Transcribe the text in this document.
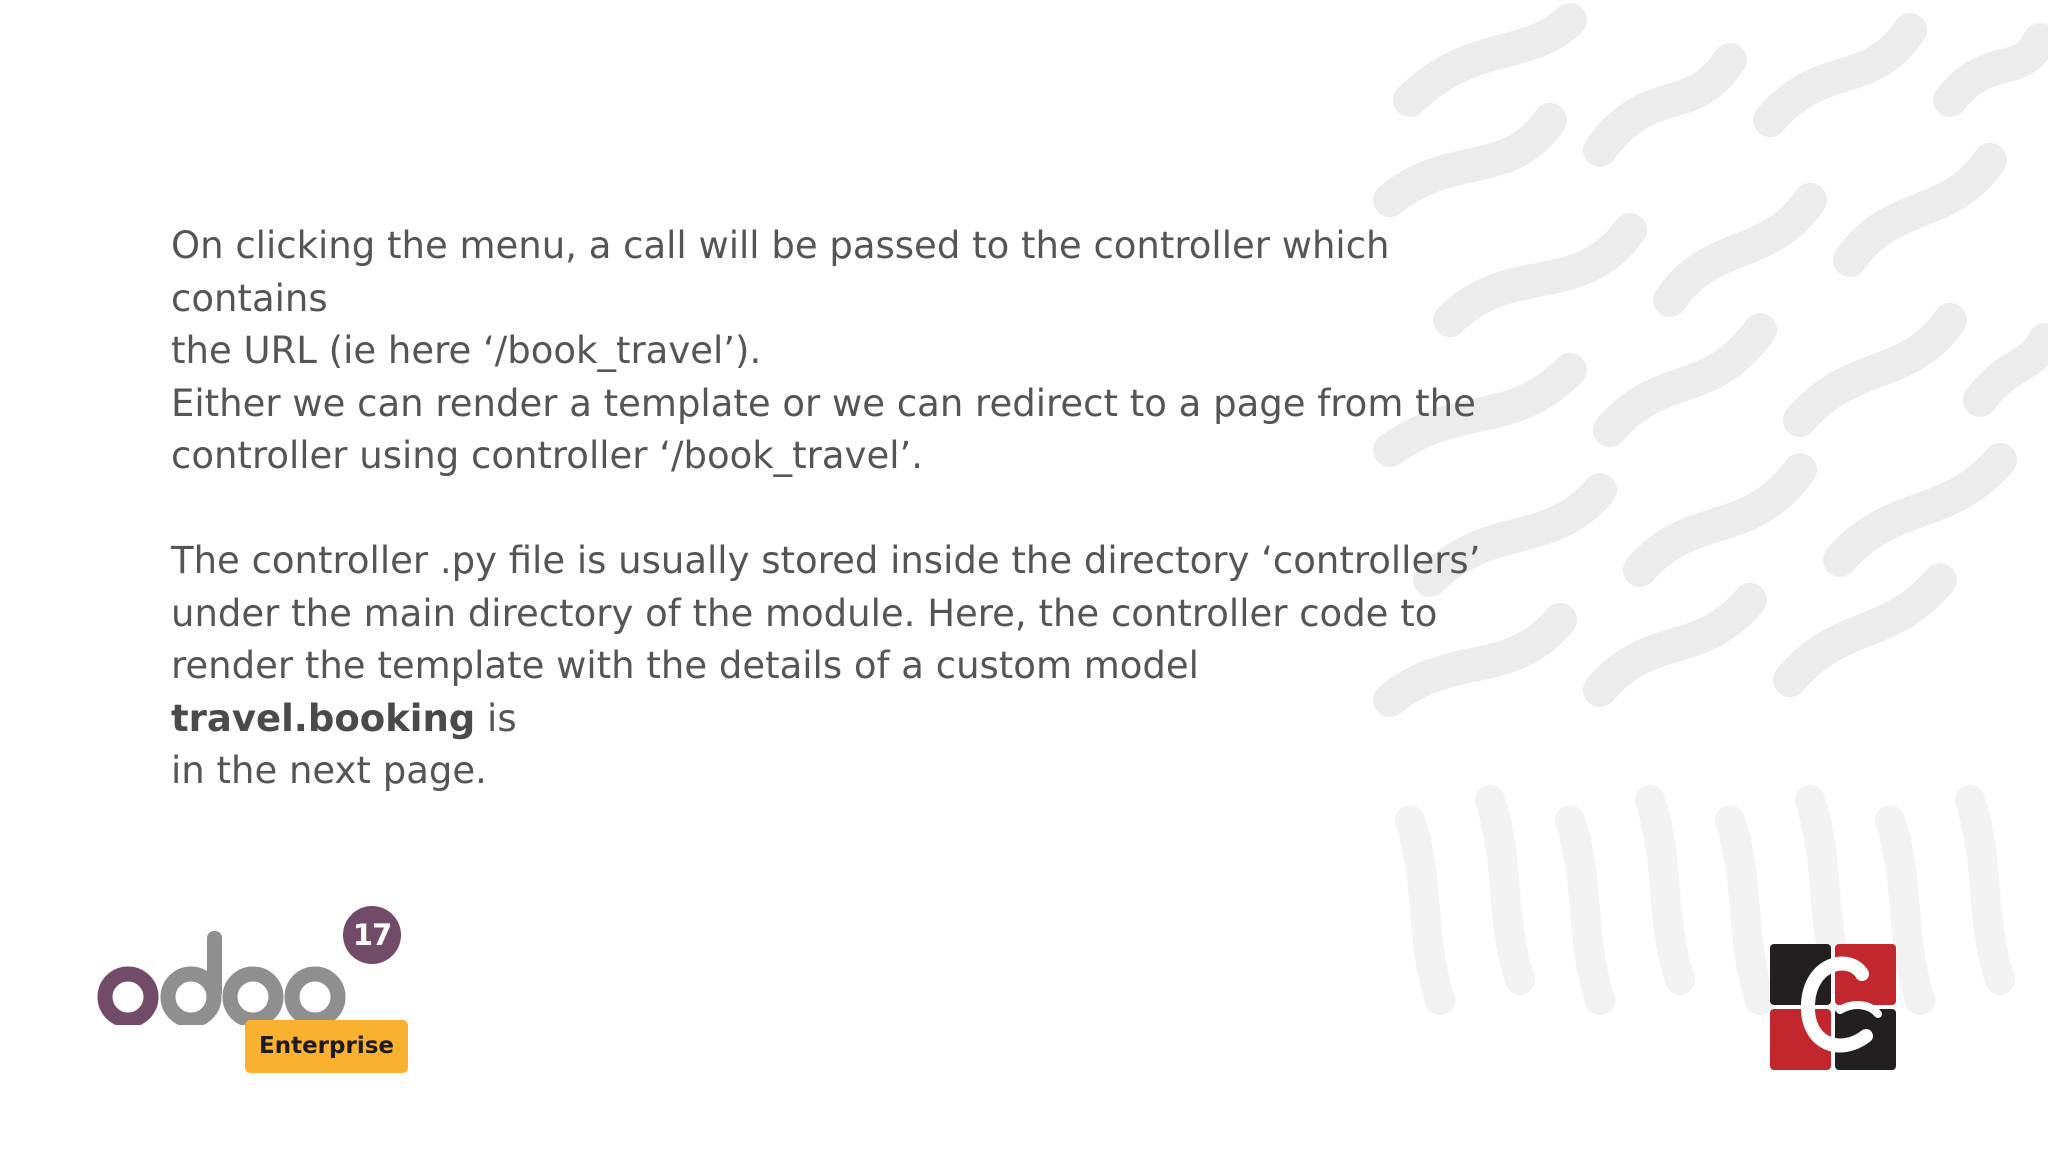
On clicking the menu, a call will be passed to the controller which contains
the URL (ie here ‘/book_travel’).
Either we can render a template or we can redirect to a page from the
controller using controller ‘/book_travel’.

The controller .py file is usually stored inside the directory ‘controllers’
under the main directory of the module. Here, the controller code to
render the template with the details of a custom model travel.booking is
in the next page.

17
Enterprise
